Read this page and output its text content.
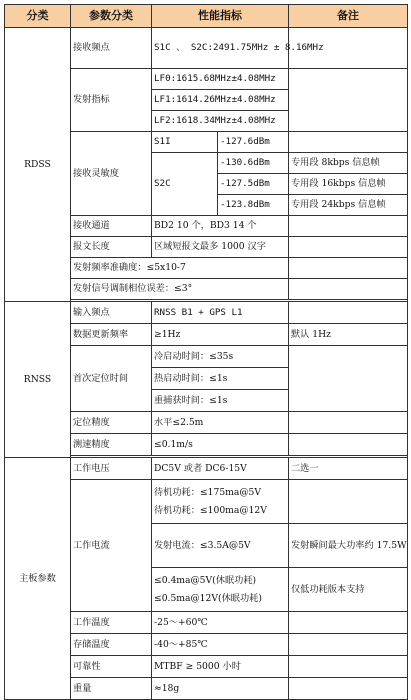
分类	参数分类	性能指标		备注
RDSS	接收频点	S1C 、 S2C:2491.75MHz ± 8.16MHz		
	发射指标	LF0:1615.68MHz±4.08MHz		
		LF1:1614.26MHz±4.08MHz		
		LF2:1618.34MHz±4.08MHz		
	接收灵敏度	S1I	-127.6dBm	
		S2C	-130.6dBm	专用段 8kbps 信息帧
			-127.5dBm	专用段 16kbps 信息帧
			-123.8dBm	专用段 24kbps 信息帧
	接收通道	BD2 10 个，BD3 14 个		
	报文长度	区域短报文最多 1000 汉字		
	发射频率准确度：≤5x10-7			
	发射信号调制相位误差：≤3°			

RNSS	输入频点	RNSS B1 + GPS L1		
	数据更新频率	≥1Hz		默认 1Hz
	首次定位时间	冷启动时间：≤35s		
		热启动时间：≤1s		
		重捕获时间：≤1s		
	定位精度	水平≤2.5m		
	测速精度	≤0.1m/s		

主板参数	工作电压	DC5V 或者 DC6-15V		二选一
	工作电流	待机功耗：≤175ma@5V
待机功耗：≤100ma@12V		

		发射电流：≤3.5A@5V		发射瞬间最大功率约 17.5W

		≤0.4ma@5V(休眠功耗)
≤0.5ma@12V(休眠功耗)		仅低功耗版本支持
	工作温度	-25～+60℃		
	存储温度	-40～+85℃		
	可靠性	MTBF ≥ 5000 小时		
	重量	≈18g		
